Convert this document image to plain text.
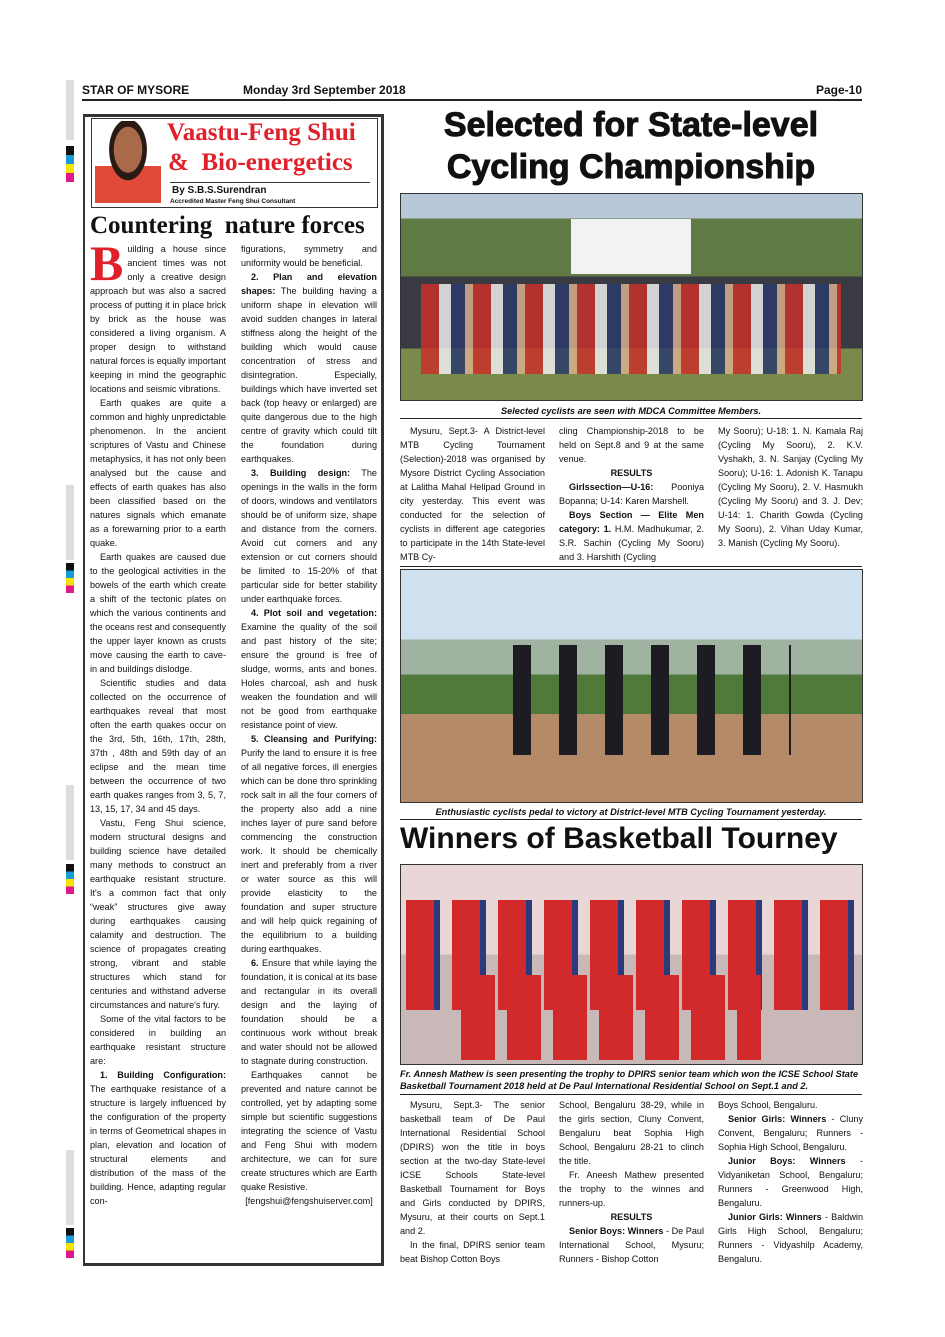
STAR OF MYSORE	Monday 3rd September 2018	Page-10
Vaastu-Feng Shui
&  Bio-energetics
By S.B.S.Surendran
Accredited Master Feng Shui Consultant
Countering  nature forces
B uilding a house since ancient times was not only a creative design approach but was also a sacred process of putting it in place brick by brick as the house was considered a living organism. A proper design to withstand natural forces is equally important keeping in mind the geographic locations and seismic vibrations.

Earth quakes are quite a common and highly unpredictable phenomenon. In the ancient scriptures of Vastu and Chinese metaphysics, it has not only been analysed but the cause and effects of earth quakes has also been classified based on the natures signals which emanate as a forewarning prior to a earth quake.

Earth quakes are caused due to the geological activities in the bowels of the earth which create a shift of the tectonic plates on which the various continents and the oceans rest and consequently the upper layer known as crusts move causing the earth to cave-in and buildings dislodge.

Scientific studies and data collected on the occurrence of earthquakes reveal that most often the earth quakes occur on the 3rd, 5th, 16th, 17th, 28th, 37th , 48th and 59th day of an eclipse and the mean time between the occurrence of two earth quakes ranges from 3, 5, 7, 13, 15, 17, 34 and 45 days.

Vastu, Feng Shui science, modern structural designs and building science have detailed many methods to construct an earthquake resistant structure. It's a common fact that only “weak” structures give away during earthquakes causing calamity and destruction. The science of propagates creating strong, vibrant and stable structures which stand for centuries and withstand adverse circumstances and nature's fury.

Some of the vital factors to be considered in building an earthquake resistant structure are:

1. Building Configuration: The earthquake resistance of a structure is largely influenced by the configuration of the property in terms of Geometrical shapes in plan, elevation and location of structural elements and distribution of the mass of the building. Hence, adapting regular con-

figurations, symmetry and uniformity would be beneficial.

2. Plan and elevation shapes: The building having a uniform shape in elevation will avoid sudden changes in lateral stiffness along the height of the building which would cause concentration of stress and disintegration. Especially, buildings which have inverted set back (top heavy or enlarged) are quite dangerous due to the high centre of gravity which could tilt the foundation during earthquakes.

3. Building design: The openings in the walls in the form of doors, windows and ventilators should be of uniform size, shape and distance from the corners. Avoid cut corners and any extension or cut corners should be limited to 15-20% of that particular side for better stability under earthquake forces.

4. Plot soil and vegetation: Examine the quality of the soil and past history of the site; ensure the ground is free of sludge, worms, ants and bones. Holes charcoal, ash and husk weaken the foundation and will not be good from earthquake resistance point of view.

5. Cleansing and Purifying: Purify the land to ensure it is free of all negative forces, ill energies which can be done thro sprinkling rock salt in all the four corners of the property also add a nine inches layer of pure sand before commencing the construction work. It should be chemically inert and preferably from a river or water source as this will provide elasticity to the foundation and super structure and will help quick regaining of the equilibrium to a building during earthquakes.

6. Ensure that while laying the foundation, it is conical at its base and rectangular in its overall design and the laying of foundation should be a continuous work without break and water should not be allowed to stagnate during construction.

Earthquakes cannot be prevented and nature cannot be controlled, yet by adapting some simple but scientific suggestions integrating the science of Vastu and Feng Shui with modern architecture, we can for sure create structures which are Earth quake Resistive.

[fengshui@fengshuiserver.com]

Selected for State-level
Cycling Championship
Selected cyclists are seen with MDCA Committee Members.

Mysuru, Sept.3- A District-level MTB Cycling Tournament (Selection)-2018 was organised by Mysore District Cycling Association at Lalitha Mahal Helipad Ground in city yesterday. This event was conducted for the selection of cyclists in different age categories to participate in the 14th State-level MTB Cy-

cling Championship-2018 to be held on Sept.8 and 9 at the same venue.

RESULTS

Girlssection—U-16: Pooniya Bopanna; U-14: Karen Marshell.

Boys Section — Elite Men category: 1. H.M. Madhukumar, 2. S.R. Sachin (Cycling My Sooru) and 3. Harshith (Cycling

My Sooru); U-18: 1. N. Kamala Raj (Cycling My Sooru), 2. K.V. Vyshakh, 3. N. Sanjay (Cycling My Sooru); U-16: 1. Adonish K. Tanapu (Cycling My Sooru), 2. V. Hasmukh (Cycling My Sooru) and 3. J. Dev; U-14: 1. Charith Gowda (Cycling My Sooru), 2. Vihan Uday Kumar, 3. Manish (Cycling My Sooru).

Enthusiastic cyclists pedal to victory at District-level MTB Cycling Tournament yesterday.
Winners of Basketball Tourney
Fr. Annesh Mathew is seen presenting the trophy to DPIRS senior team which won the ICSE School State Basketball Tournament 2018 held at De Paul International Residential School on Sept.1 and 2.

Mysuru, Sept.3- The senior basketball team of De Paul International Residential School (DPIRS) won the title in boys section at the two-day State-level ICSE Schools State-level Basketball Tournament for Boys and Girls conducted by DPIRS, Mysuru, at their courts on Sept.1 and 2.

In the final, DPIRS senior team beat Bishop Cotton Boys

School, Bengaluru 38-29, while in the girls section, Cluny Convent, Bengaluru beat Sophia High School, Bengaluru 28-21 to clinch the title.

Fr. Aneesh Mathew presented the trophy to the winnes and runners-up.

RESULTS

Senior Boys: Winners - De Paul International School, Mysuru; Runners - Bishop Cotton

Boys School, Bengaluru.

Senior Girls: Winners - Cluny Convent, Bengaluru; Runners - Sophia High School, Bengaluru.

Junior Boys: Winners - Vidyaniketan School, Bengaluru; Runners - Greenwood High, Bengaluru.

Junior Girls: Winners - Baldwin Girls High School, Bengaluru; Runners - Vidyashilp Academy, Bengaluru.
